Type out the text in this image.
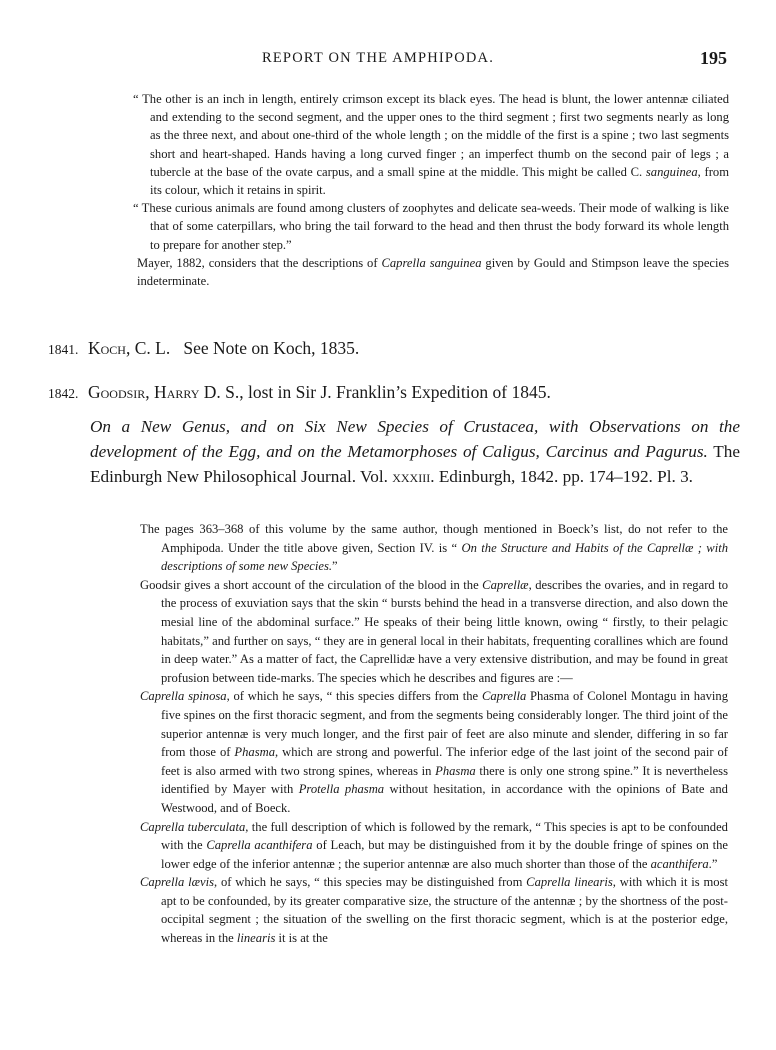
REPORT ON THE AMPHIPODA.	195
“ The other is an inch in length, entirely crimson except its black eyes. The head is blunt, the lower antennæ ciliated and extending to the second segment, and the upper ones to the third segment ; first two segments nearly as long as the three next, and about one-third of the whole length ; on the middle of the first is a spine ; two last segments short and heart-shaped. Hands having a long curved finger ; an imperfect thumb on the second pair of legs ; a tubercle at the base of the ovate carpus, and a small spine at the middle. This might be called C. sanguinea, from its colour, which it retains in spirit.
“ These curious animals are found among clusters of zoophytes and delicate sea-weeds. Their mode of walking is like that of some caterpillars, who bring the tail forward to the head and then thrust the body forward its whole length to prepare for another step.”
Mayer, 1882, considers that the descriptions of Caprella sanguinea given by Gould and Stimpson leave the species indeterminate.
1841. Koch, C. L. See Note on Koch, 1835.
1842. Goodsir, Harry D. S., lost in Sir J. Franklin’s Expedition of 1845.
On a New Genus, and on Six New Species of Crustacea, with Observations on the development of the Egg, and on the Metamorphoses of Caligus, Carcinus and Pagurus. The Edinburgh New Philosophical Journal. Vol. xxxiii. Edinburgh, 1842. pp. 174–192. Pl. 3.
The pages 363–368 of this volume by the same author, though mentioned in Boeck’s list, do not refer to the Amphipoda. Under the title above given, Section IV. is “ On the Structure and Habits of the Caprellæ ; with descriptions of some new Species.”
Goodsir gives a short account of the circulation of the blood in the Caprellæ, describes the ovaries, and in regard to the process of exuviation says that the skin “ bursts behind the head in a transverse direction, and also down the mesial line of the abdominal surface.” He speaks of their being little known, owing “ firstly, to their pelagic habitats,” and further on says, “ they are in general local in their habitats, frequenting corallines which are found in deep water.” As a matter of fact, the Caprellidæ have a very extensive distribution, and may be found in great profusion between tide-marks. The species which he describes and figures are :—
Caprella spinosa, of which he says, “ this species differs from the Caprella Phasma of Colonel Montagu in having five spines on the first thoracic segment, and from the segments being considerably longer. The third joint of the superior antennæ is very much longer, and the first pair of feet are also minute and slender, differing in so far from those of Phasma, which are strong and powerful. The inferior edge of the last joint of the second pair of feet is also armed with two strong spines, whereas in Phasma there is only one strong spine.” It is nevertheless identified by Mayer with Protella phasma without hesitation, in accordance with the opinions of Bate and Westwood, and of Boeck.
Caprella tuberculata, the full description of which is followed by the remark, “ This species is apt to be confounded with the Caprella acanthifera of Leach, but may be distinguished from it by the double fringe of spines on the lower edge of the inferior antennæ ; the superior antennæ are also much shorter than those of the acanthifera.”
Caprella lævis, of which he says, “ this species may be distinguished from Caprella linearis, with which it is most apt to be confounded, by its greater comparative size, the structure of the antennæ ; by the shortness of the post-occipital segment ; the situation of the swelling on the first thoracic segment, which is at the posterior edge, whereas in the linearis it is at the
